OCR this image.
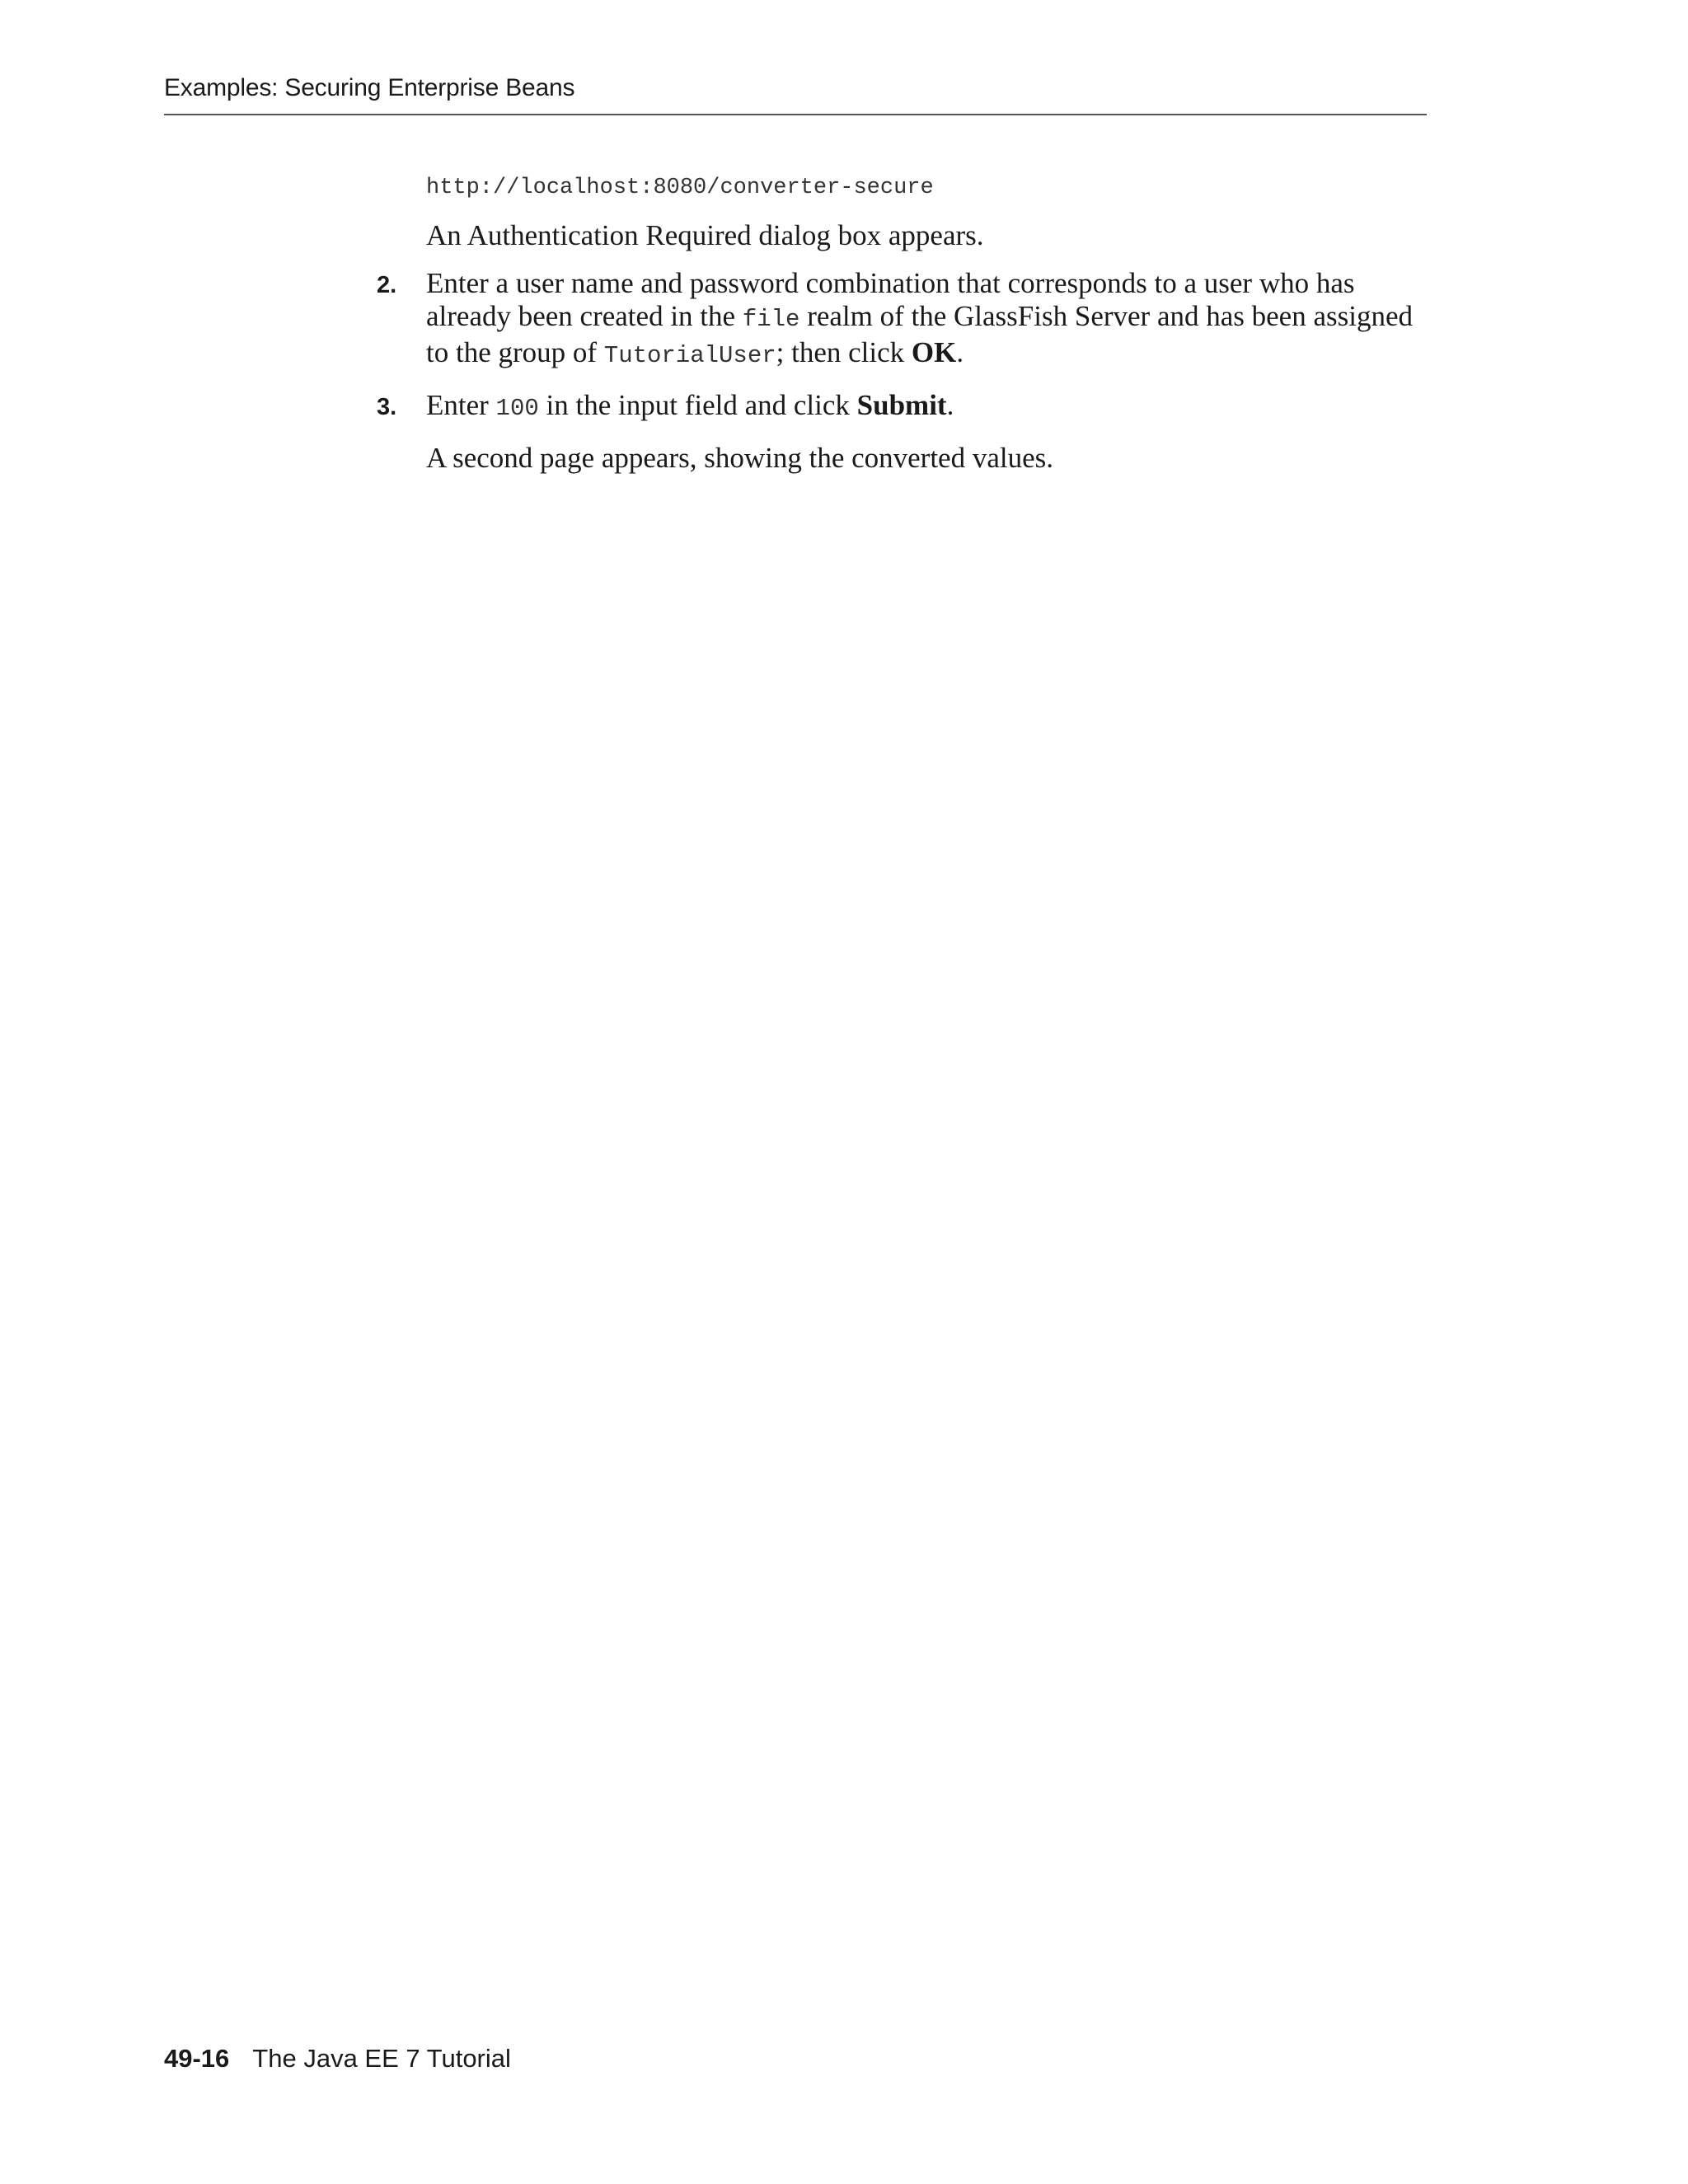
Examples: Securing Enterprise Beans

http://localhost:8080/converter-secure

An Authentication Required dialog box appears.

2. Enter a user name and password combination that corresponds to a user who has already been created in the file realm of the GlassFish Server and has been assigned to the group of TutorialUser; then click OK.

3. Enter 100 in the input field and click Submit.

A second page appears, showing the converted values.

49-16 The Java EE 7 Tutorial
